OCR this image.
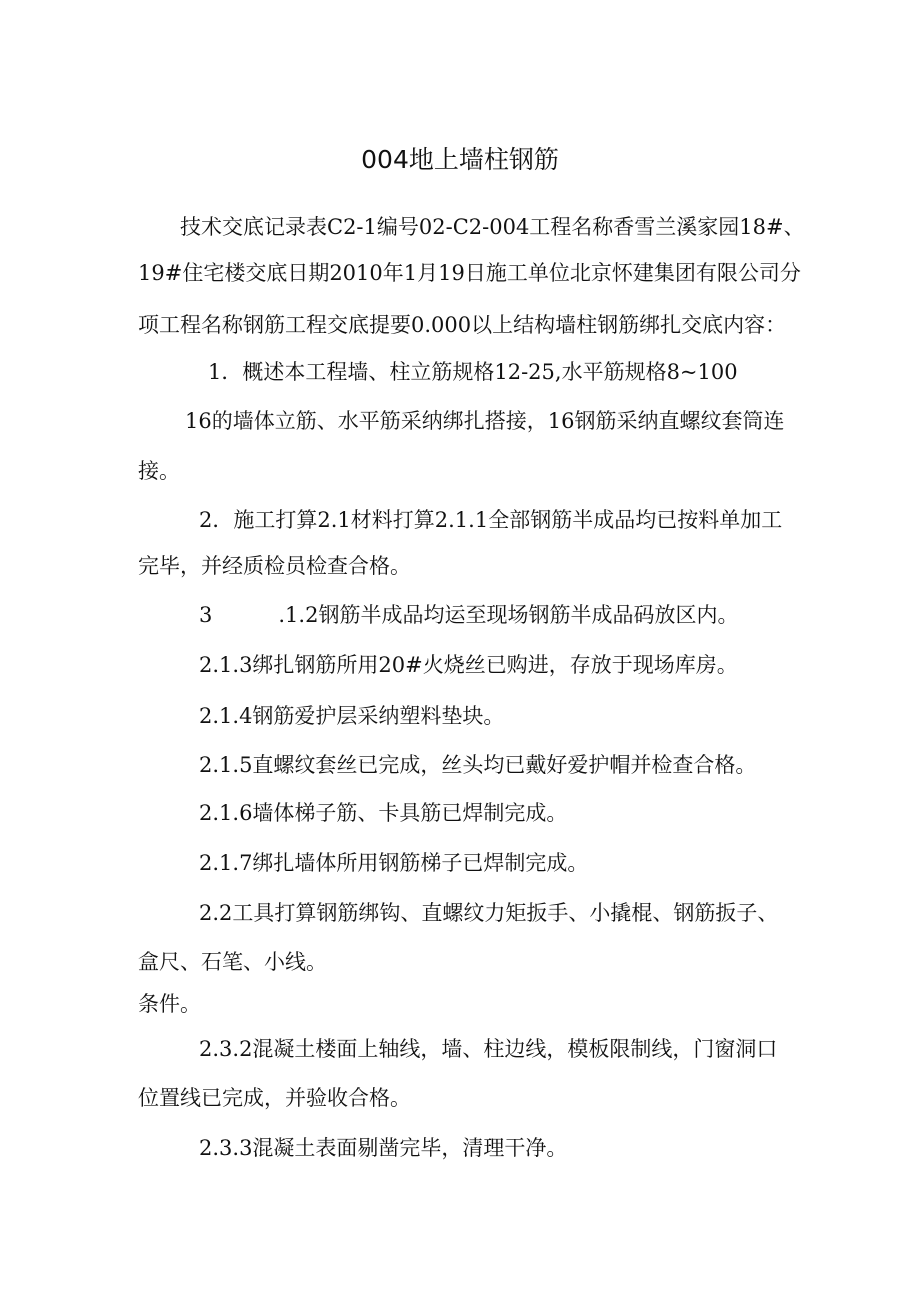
004地上墙柱钢筋
技术交底记录表C2-1编号02-C2-004工程名称香雪兰溪家园18#、
19#住宅楼交底日期2010年1月19日施工单位北京怀建集团有限公司分
项工程名称钢筋工程交底提要0.000以上结构墙柱钢筋绑扎交底内容：
1．概述本工程墙、柱立筋规格12-25,水平筋规格8~100
16的墙体立筋、水平筋采纳绑扎搭接，16钢筋采纳直螺纹套筒连
接。
2．施工打算2.1材料打算2.1.1全部钢筋半成品均已按料单加工
完毕，并经质检员检查合格。
3	.1.2钢筋半成品均运至现场钢筋半成品码放区内。
2.1.3绑扎钢筋所用20#火烧丝已购进，存放于现场库房。
2.1.4钢筋爱护层采纳塑料垫块。
2.1.5直螺纹套丝已完成，丝头均已戴好爱护帽并检查合格。
2.1.6墙体梯子筋、卡具筋已焊制完成。
2.1.7绑扎墙体所用钢筋梯子已焊制完成。
2.2工具打算钢筋绑钩、直螺纹力矩扳手、小撬棍、钢筋扳子、
盒尺、石笔、小线。
条件。
2.3.2混凝土楼面上轴线，墙、柱边线，模板限制线，门窗洞口
位置线已完成，并验收合格。
2.3.3混凝土表面剔凿完毕，清理干净。
